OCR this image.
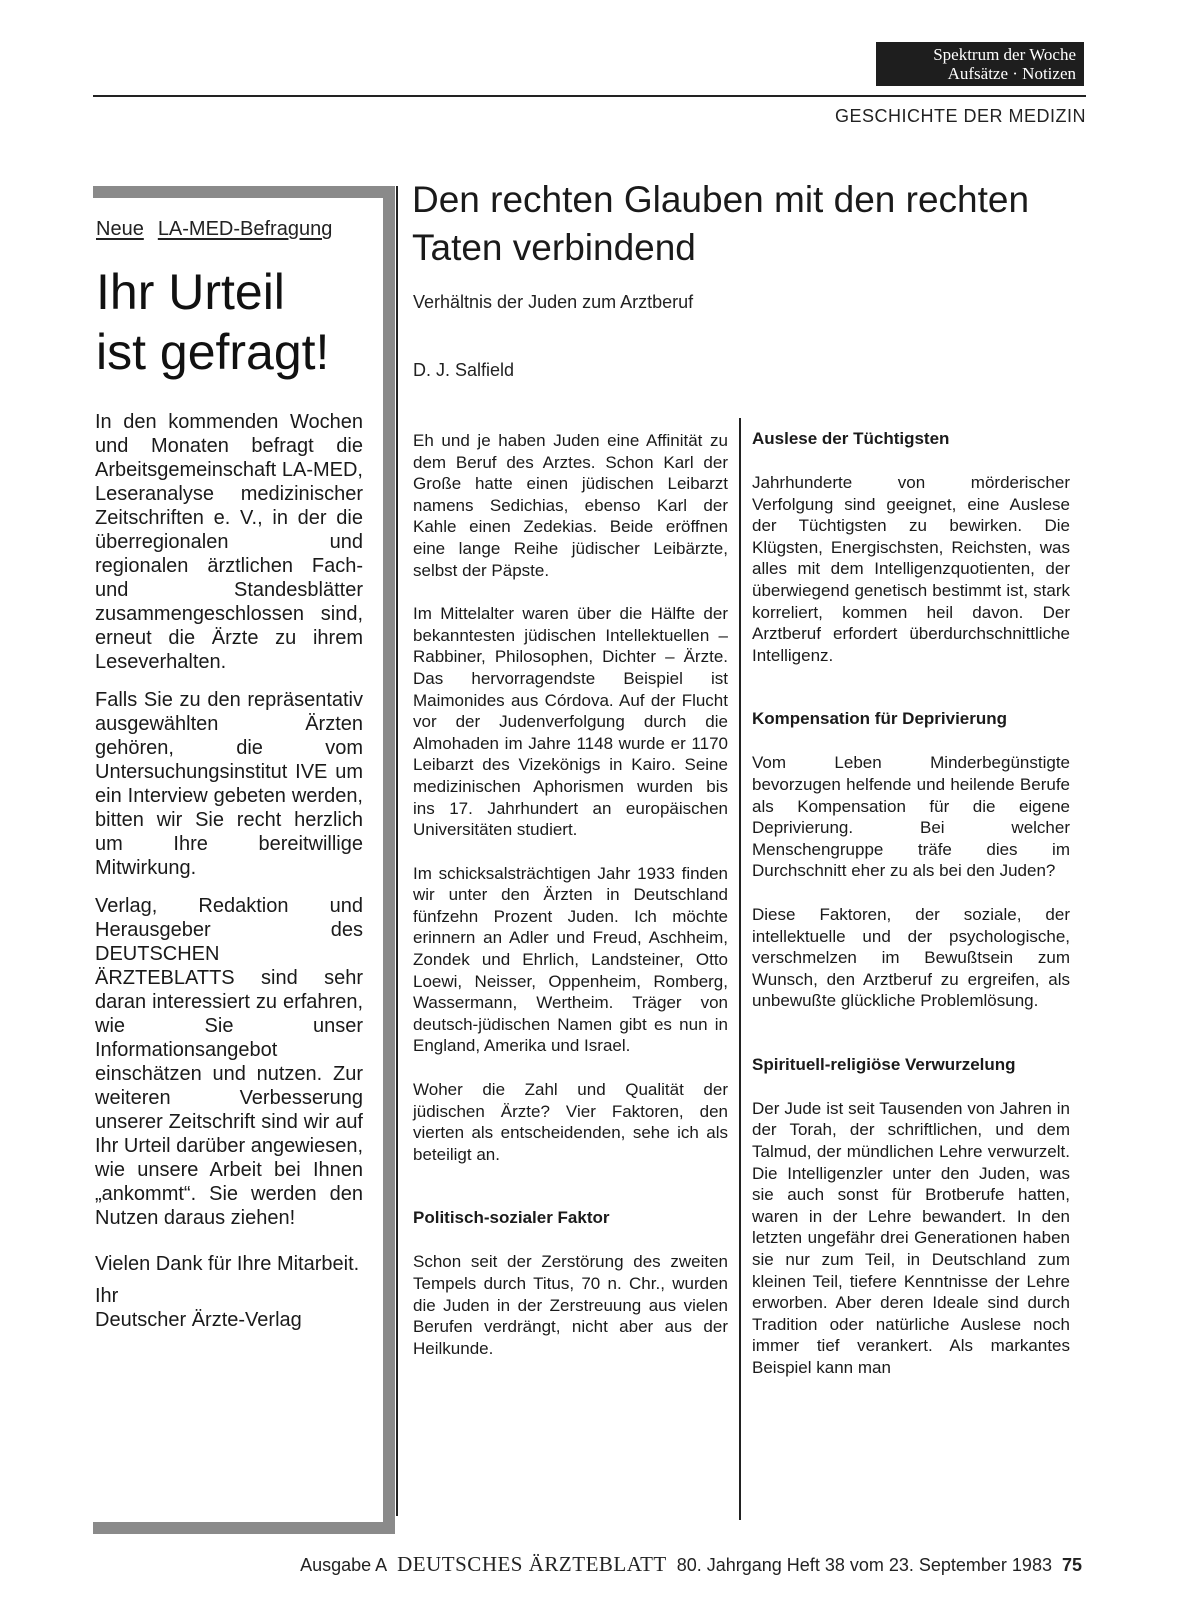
Spektrum der Woche
Aufsätze · Notizen
GESCHICHTE DER MEDIZIN
Neue LA-MED-Befragung
Ihr Urteil
ist gefragt!

In den kommenden Wochen und Monaten befragt die Arbeitsgemeinschaft LA-MED, Leseranalyse medizinischer Zeitschriften e. V., in der die überregionalen und regionalen ärztlichen Fach- und Standesblätter zusammengeschlossen sind, erneut die Ärzte zu ihrem Leseverhalten.

Falls Sie zu den repräsentativ ausgewählten Ärzten gehören, die vom Untersuchungsinstitut IVE um ein Interview gebeten werden, bitten wir Sie recht herzlich um Ihre bereitwillige Mitwirkung.

Verlag, Redaktion und Herausgeber des DEUTSCHEN ÄRZTEBLATTS sind sehr daran interessiert zu erfahren, wie Sie unser Informationsangebot einschätzen und nutzen. Zur weiteren Verbesserung unserer Zeitschrift sind wir auf Ihr Urteil darüber angewiesen, wie unsere Arbeit bei Ihnen „ankommt“. Sie werden den Nutzen daraus ziehen!

Vielen Dank für Ihre Mitarbeit.

Ihr

Deutscher Ärzte-Verlag

Den rechten Glauben mit den rechten Taten verbindend
Verhältnis der Juden zum Arztberuf
D. J. Salfield

Eh und je haben Juden eine Affinität zu dem Beruf des Arztes. Schon Karl der Große hatte einen jüdischen Leibarzt namens Sedichias, ebenso Karl der Kahle einen Zedekias. Beide eröffnen eine lange Reihe jüdischer Leibärzte, selbst der Päpste.

Im Mittelalter waren über die Hälfte der bekanntesten jüdischen Intellektuellen – Rabbiner, Philosophen, Dichter – Ärzte. Das hervorragendste Beispiel ist Maimonides aus Córdova. Auf der Flucht vor der Judenverfolgung durch die Almohaden im Jahre 1148 wurde er 1170 Leibarzt des Vizekönigs in Kairo. Seine medizinischen Aphorismen wurden bis ins 17. Jahrhundert an europäischen Universitäten studiert.

Im schicksalsträchtigen Jahr 1933 finden wir unter den Ärzten in Deutschland fünfzehn Prozent Juden. Ich möchte erinnern an Adler und Freud, Aschheim, Zondek und Ehrlich, Landsteiner, Otto Loewi, Neisser, Oppenheim, Romberg, Wassermann, Wertheim. Träger von deutsch-jüdischen Namen gibt es nun in England, Amerika und Israel.

Woher die Zahl und Qualität der jüdischen Ärzte? Vier Faktoren, den vierten als entscheidenden, sehe ich als beteiligt an.

Politisch-sozialer Faktor

Schon seit der Zerstörung des zweiten Tempels durch Titus, 70 n. Chr., wurden die Juden in der Zerstreuung aus vielen Berufen verdrängt, nicht aber aus der Heilkunde.

Auslese der Tüchtigsten

Jahrhunderte von mörderischer Verfolgung sind geeignet, eine Auslese der Tüchtigsten zu bewirken. Die Klügsten, Energischsten, Reichsten, was alles mit dem Intelligenzquotienten, der überwiegend genetisch bestimmt ist, stark korreliert, kommen heil davon. Der Arztberuf erfordert überdurchschnittliche Intelligenz.

Kompensation für Deprivierung

Vom Leben Minderbegünstigte bevorzugen helfende und heilende Berufe als Kompensation für die eigene Deprivierung. Bei welcher Menschengruppe träfe dies im Durchschnitt eher zu als bei den Juden?

Diese Faktoren, der soziale, der intellektuelle und der psychologische, verschmelzen im Bewußtsein zum Wunsch, den Arztberuf zu ergreifen, als unbewußte glückliche Problemlösung.

Spirituell-religiöse Verwurzelung

Der Jude ist seit Tausenden von Jahren in der Torah, der schriftlichen, und dem Talmud, der mündlichen Lehre verwurzelt. Die Intelligenzler unter den Juden, was sie auch sonst für Brotberufe hatten, waren in der Lehre bewandert. In den letzten ungefähr drei Generationen haben sie nur zum Teil, in Deutschland zum kleinen Teil, tiefere Kenntnisse der Lehre erworben. Aber deren Ideale sind durch Tradition oder natürliche Auslese noch immer tief verankert. Als markantes Beispiel kann man

Ausgabe A DEUTSCHES ÄRZTEBLATT 80. Jahrgang Heft 38 vom 23. September 1983 75
